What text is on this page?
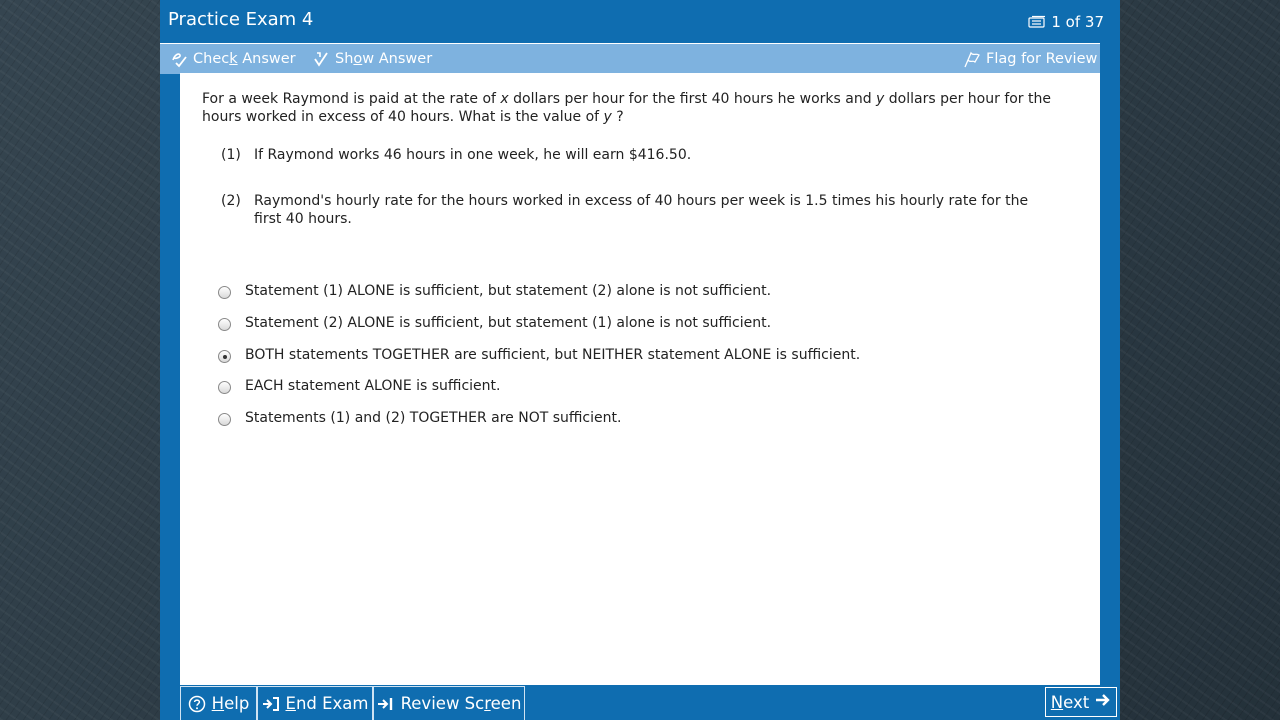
Practice Exam 4	1 of 37
Check Answer	Show Answer	Flag for Review
For a week Raymond is paid at the rate of x dollars per hour for the first 40 hours he works and y dollars per hour for the hours worked in excess of 40 hours. What is the value of y ?
(1) If Raymond works 46 hours in one week, he will earn $416.50.
(2) Raymond's hourly rate for the hours worked in excess of 40 hours per week is 1.5 times his hourly rate for the first 40 hours.
Statement (1) ALONE is sufficient, but statement (2) alone is not sufficient.
Statement (2) ALONE is sufficient, but statement (1) alone is not sufficient.
BOTH statements TOGETHER are sufficient, but NEITHER statement ALONE is sufficient.
EACH statement ALONE is sufficient.
Statements (1) and (2) TOGETHER are NOT sufficient.
Help End Exam Review Screen	Next
